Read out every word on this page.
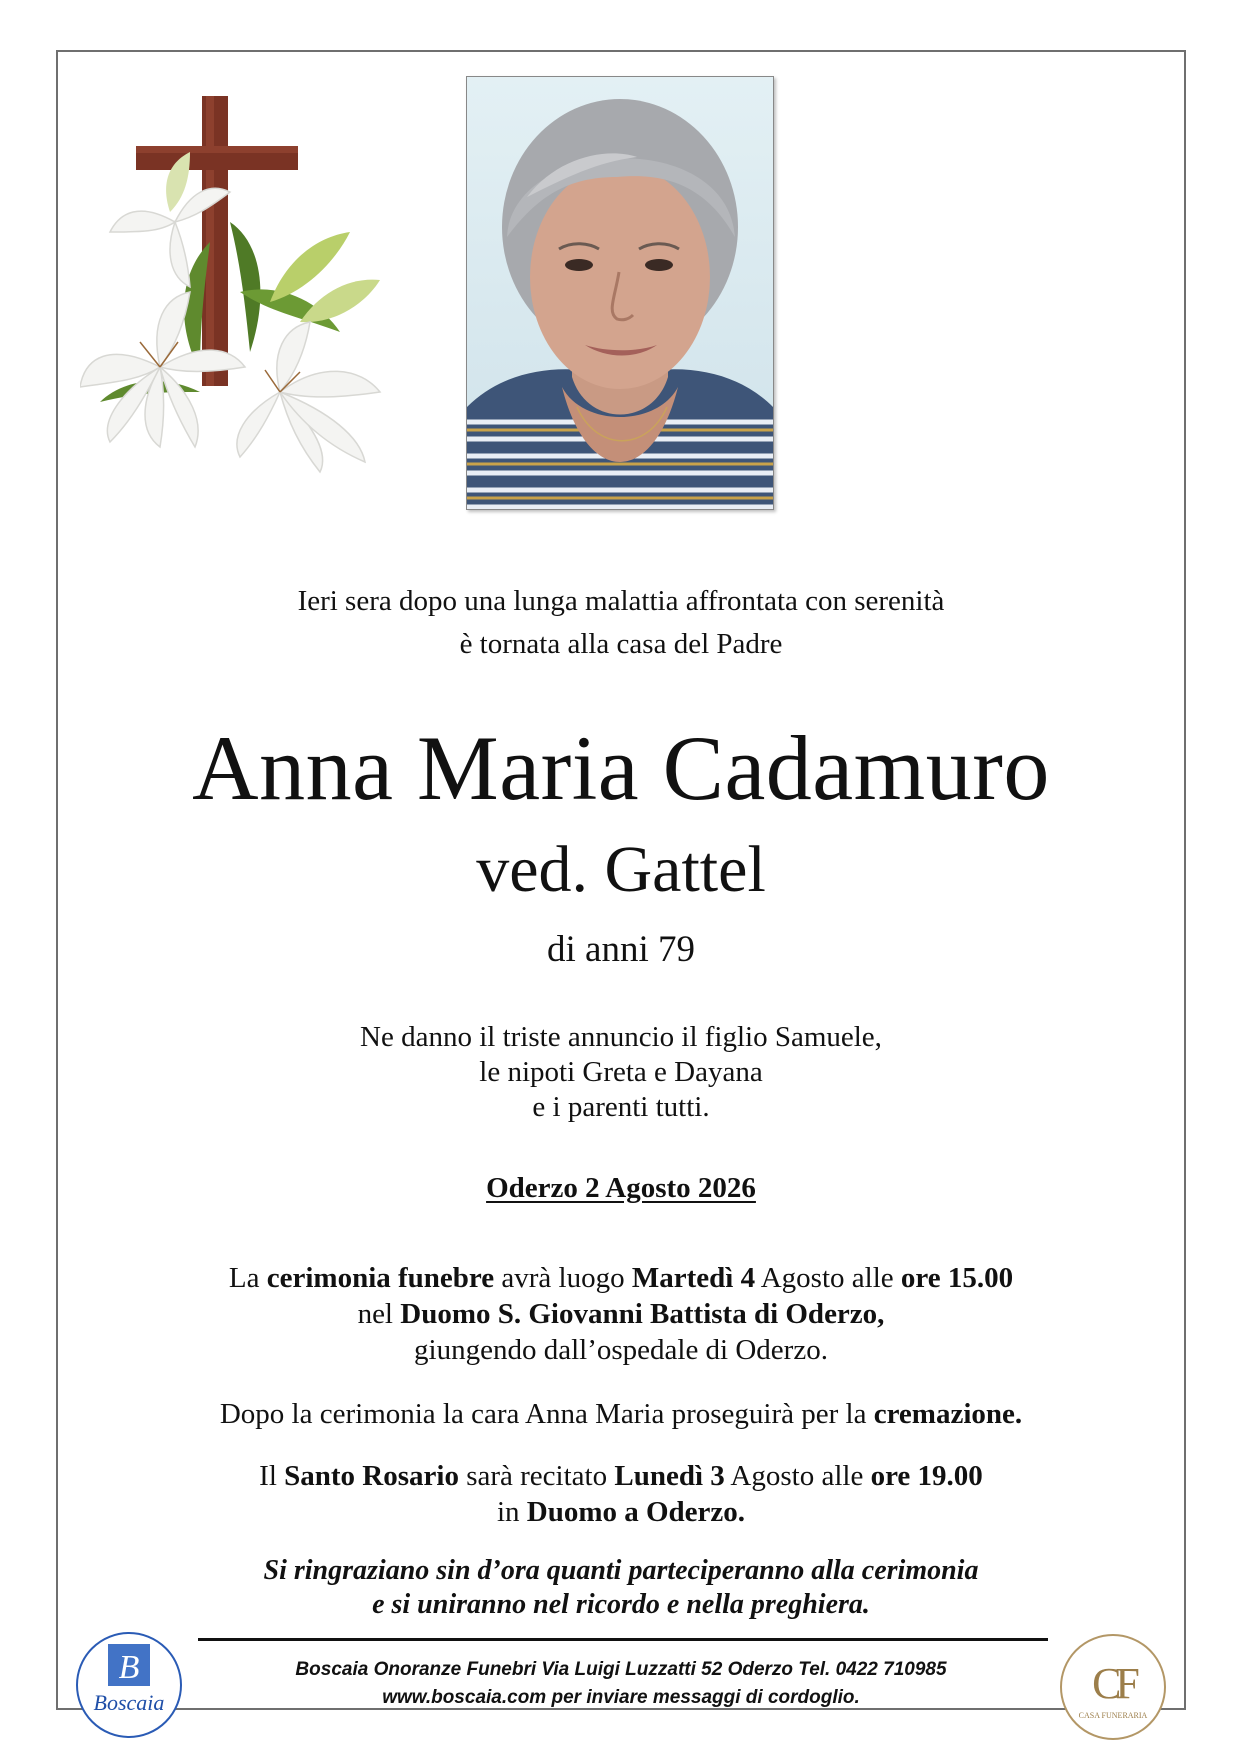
Ieri sera dopo una lunga malattia affrontata con serenità
è tornata alla casa del Padre
Anna Maria Cadamuro
ved. Gattel
di anni 79
Ne danno il triste annuncio il figlio Samuele,
le nipoti Greta e Dayana
e i parenti tutti.
Oderzo 2 Agosto 2026
La cerimonia funebre avrà luogo Martedì 4 Agosto alle ore 15.00
nel Duomo S. Giovanni Battista di Oderzo,
giungendo dall’ospedale di Oderzo.
Dopo la cerimonia la cara Anna Maria proseguirà per la cremazione.
Il Santo Rosario sarà recitato Lunedì 3 Agosto alle ore 19.00
in Duomo a Oderzo.
Si ringraziano sin d’ora quanti parteciperanno alla cerimonia
e si uniranno nel ricordo e nella preghiera.
B
Boscaia
Boscaia Onoranze Funebri Via Luigi Luzzatti 52 Oderzo Tel. 0422 710985
www.boscaia.com per inviare messaggi di cordoglio.	CF
CASA FUNERARIA
